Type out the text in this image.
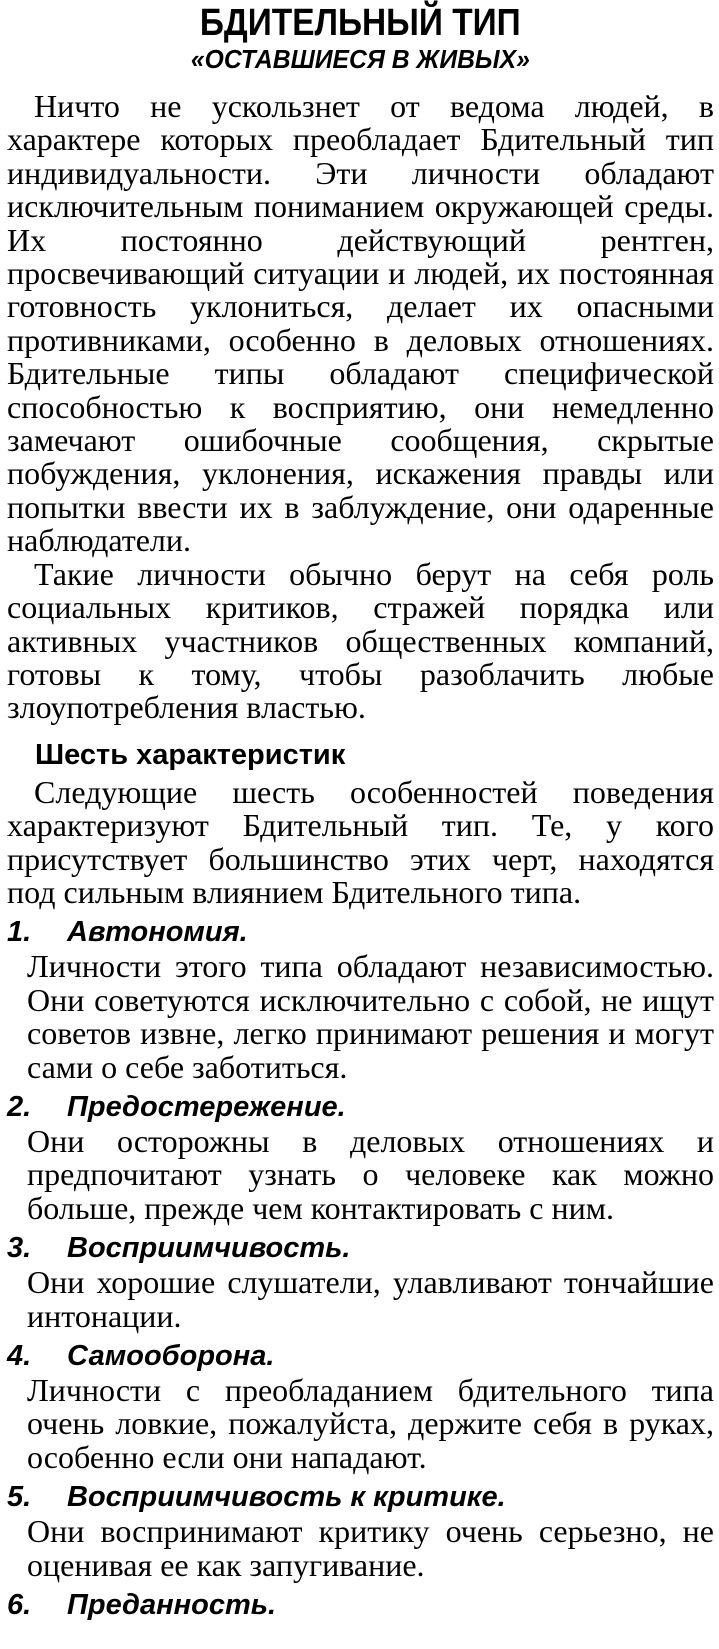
БДИТЕЛЬНЫЙ ТИП
«ОСТАВШИЕСЯ В ЖИВЫХ»

Ничто не ускользнет от ведома людей, в характере которых преобладает Бдительный тип индивидуальности. Эти личности обладают исключительным пониманием окружающей среды. Их постоянно действующий рентген, просвечивающий ситуации и людей, их постоянная готовность уклониться, делает их опасными противниками, особенно в деловых отношениях. Бдительные типы обладают специфической способностью к восприятию, они немедленно замечают ошибочные сообщения, скрытые побуждения, уклонения, искажения правды или попытки ввести их в заблуждение, они одаренные наблюдатели.

Такие личности обычно берут на себя роль социальных критиков, стражей порядка или активных участников общественных компаний, готовы к тому, чтобы разоблачить любые злоупотребления властью.

Шесть характеристик

Следующие шесть особенностей поведения характеризуют Бдительный тип. Те, у кого присутствует большинство этих черт, находятся под сильным влиянием Бдительного типа.

1. Автономия.

Личности этого типа обладают независимостью. Они советуются исключительно с собой, не ищут советов извне, легко принимают решения и могут сами о себе заботиться.

2. Предостережение.

Они осторожны в деловых отношениях и предпочитают узнать о человеке как можно больше, прежде чем контактировать с ним.

3. Восприимчивость.

Они хорошие слушатели, улавливают тончайшие интонации.

4. Самооборона.

Личности с преобладанием бдительного типа очень ловкие, пожалуйста, держите себя в руках, особенно если они нападают.

5. Восприимчивость к критике.

Они воспринимают критику очень серьезно, не оценивая ее как запугивание.

6. Преданность.
